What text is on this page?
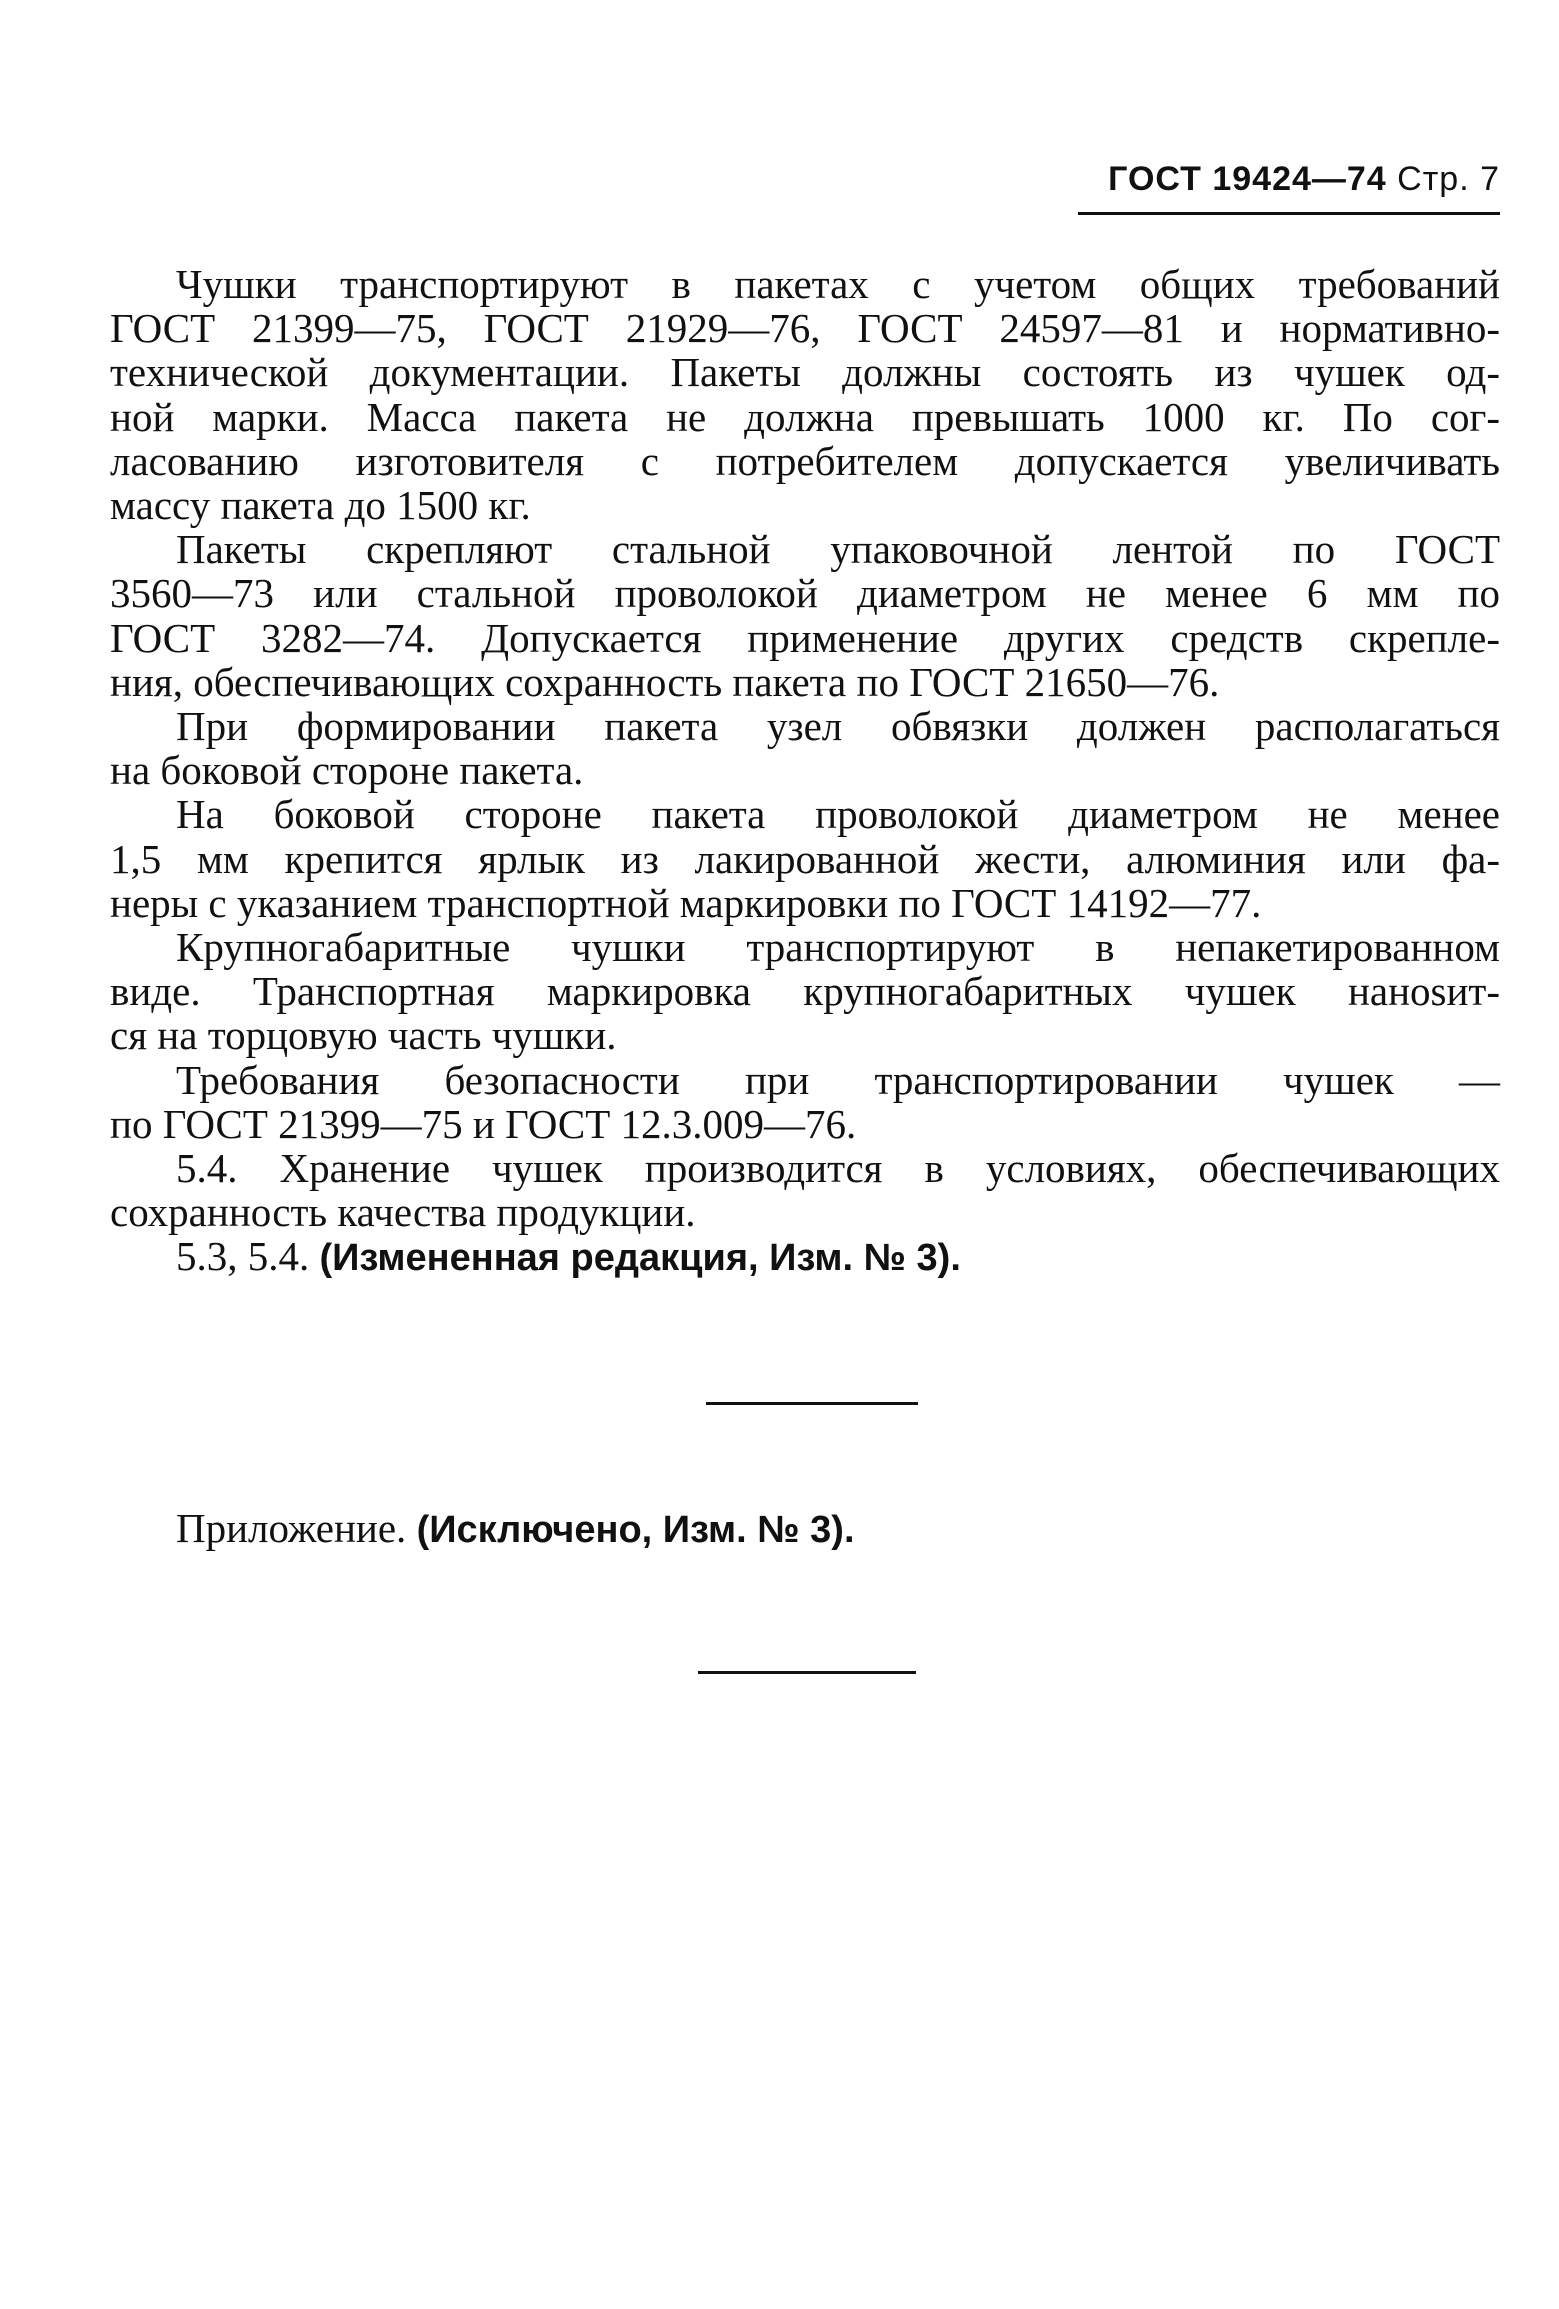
ГОСТ 19424—74 Стр. 7

Чушки транспортируют в пакетах с учетом общих требований
ГОСТ 21399—75, ГОСТ 21929—76, ГОСТ 24597—81 и нормативно-
технической документации. Пакеты должны состоять из чушек од-
ной марки. Масса пакета не должна превышать 1000 кг. По сог-
ласованию изготовителя с потребителем допускается увеличивать
массу пакета до 1500 кг.

Пакеты скрепляют стальной упаковочной лентой по ГОСТ
3560—73 или стальной проволокой диаметром не менее 6 мм по
ГОСТ 3282—74. Допускается применение других средств скрепле-
ния, обеспечивающих сохранность пакета по ГОСТ 21650—76.

При формировании пакета узел обвязки должен располагаться
на боковой стороне пакета.

На боковой стороне пакета проволокой диаметром не менее
1,5 мм крепится ярлык из лакированной жести, алюминия или фа-
неры с указанием транспортной маркировки по ГОСТ 14192—77.

Крупногабаритные чушки транспортируют в непакетированном
виде. Транспортная маркировка крупногабаритных чушек нанosит-
ся на торцовую часть чушки.

Требования безопасности при транспортировании чушек —
по ГОСТ 21399—75 и ГОСТ 12.3.009—76.

5.4. Хранение чушек производится в условиях, обеспечивающих
сохранность качества продукции.

5.3, 5.4. (Измененная редакция, Изм. № 3).

Приложение. (Исключено, Изм. № 3).
